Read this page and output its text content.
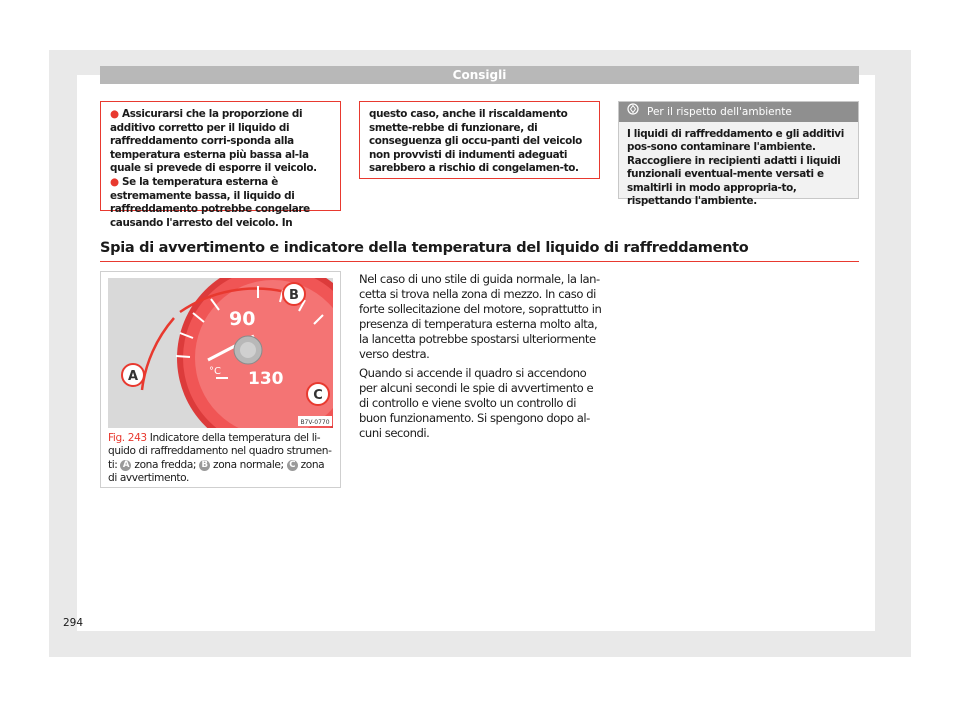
Consigli

● Assicurarsi che la proporzione di additivo corretto per il liquido di raffreddamento corri-sponda alla temperatura esterna più bassa al-la quale si prevede di esporre il veicolo.

● Se la temperatura esterna è estremamente bassa, il liquido di raffreddamento potrebbe congelare causando l'arresto del veicolo. In

questo caso, anche il riscaldamento smette-rebbe di funzionare, di conseguenza gli occu-panti del veicolo non provvisti di indumenti adeguati sarebbero a rischio di congelamen-to.

Per il rispetto dell'ambiente
I liquidi di raffreddamento e gli additivi pos-sono contaminare l'ambiente. Raccogliere in recipienti adatti i liquidi funzionali eventual-mente versati e smaltirli in modo appropria-to, rispettando l'ambiente.
Spia di avvertimento e indicatore della temperatura del liquido di raffreddamento
90
130
°C
B
A
C
B7V-0770
Fig. 243 Indicatore della temperatura del li-quido di raffreddamento nel quadro strumen-ti: A zona fredda; B zona normale; C zona di avvertimento.

Nel caso di uno stile di guida normale, la lan-cetta si trova nella zona di mezzo. In caso di forte sollecitazione del motore, soprattutto in presenza di temperatura esterna molto alta, la lancetta potrebbe spostarsi ulteriormente verso destra.

Quando si accende il quadro si accendono per alcuni secondi le spie di avvertimento e di controllo e viene svolto un controllo di buon funzionamento. Si spengono dopo al-cuni secondi.

294
